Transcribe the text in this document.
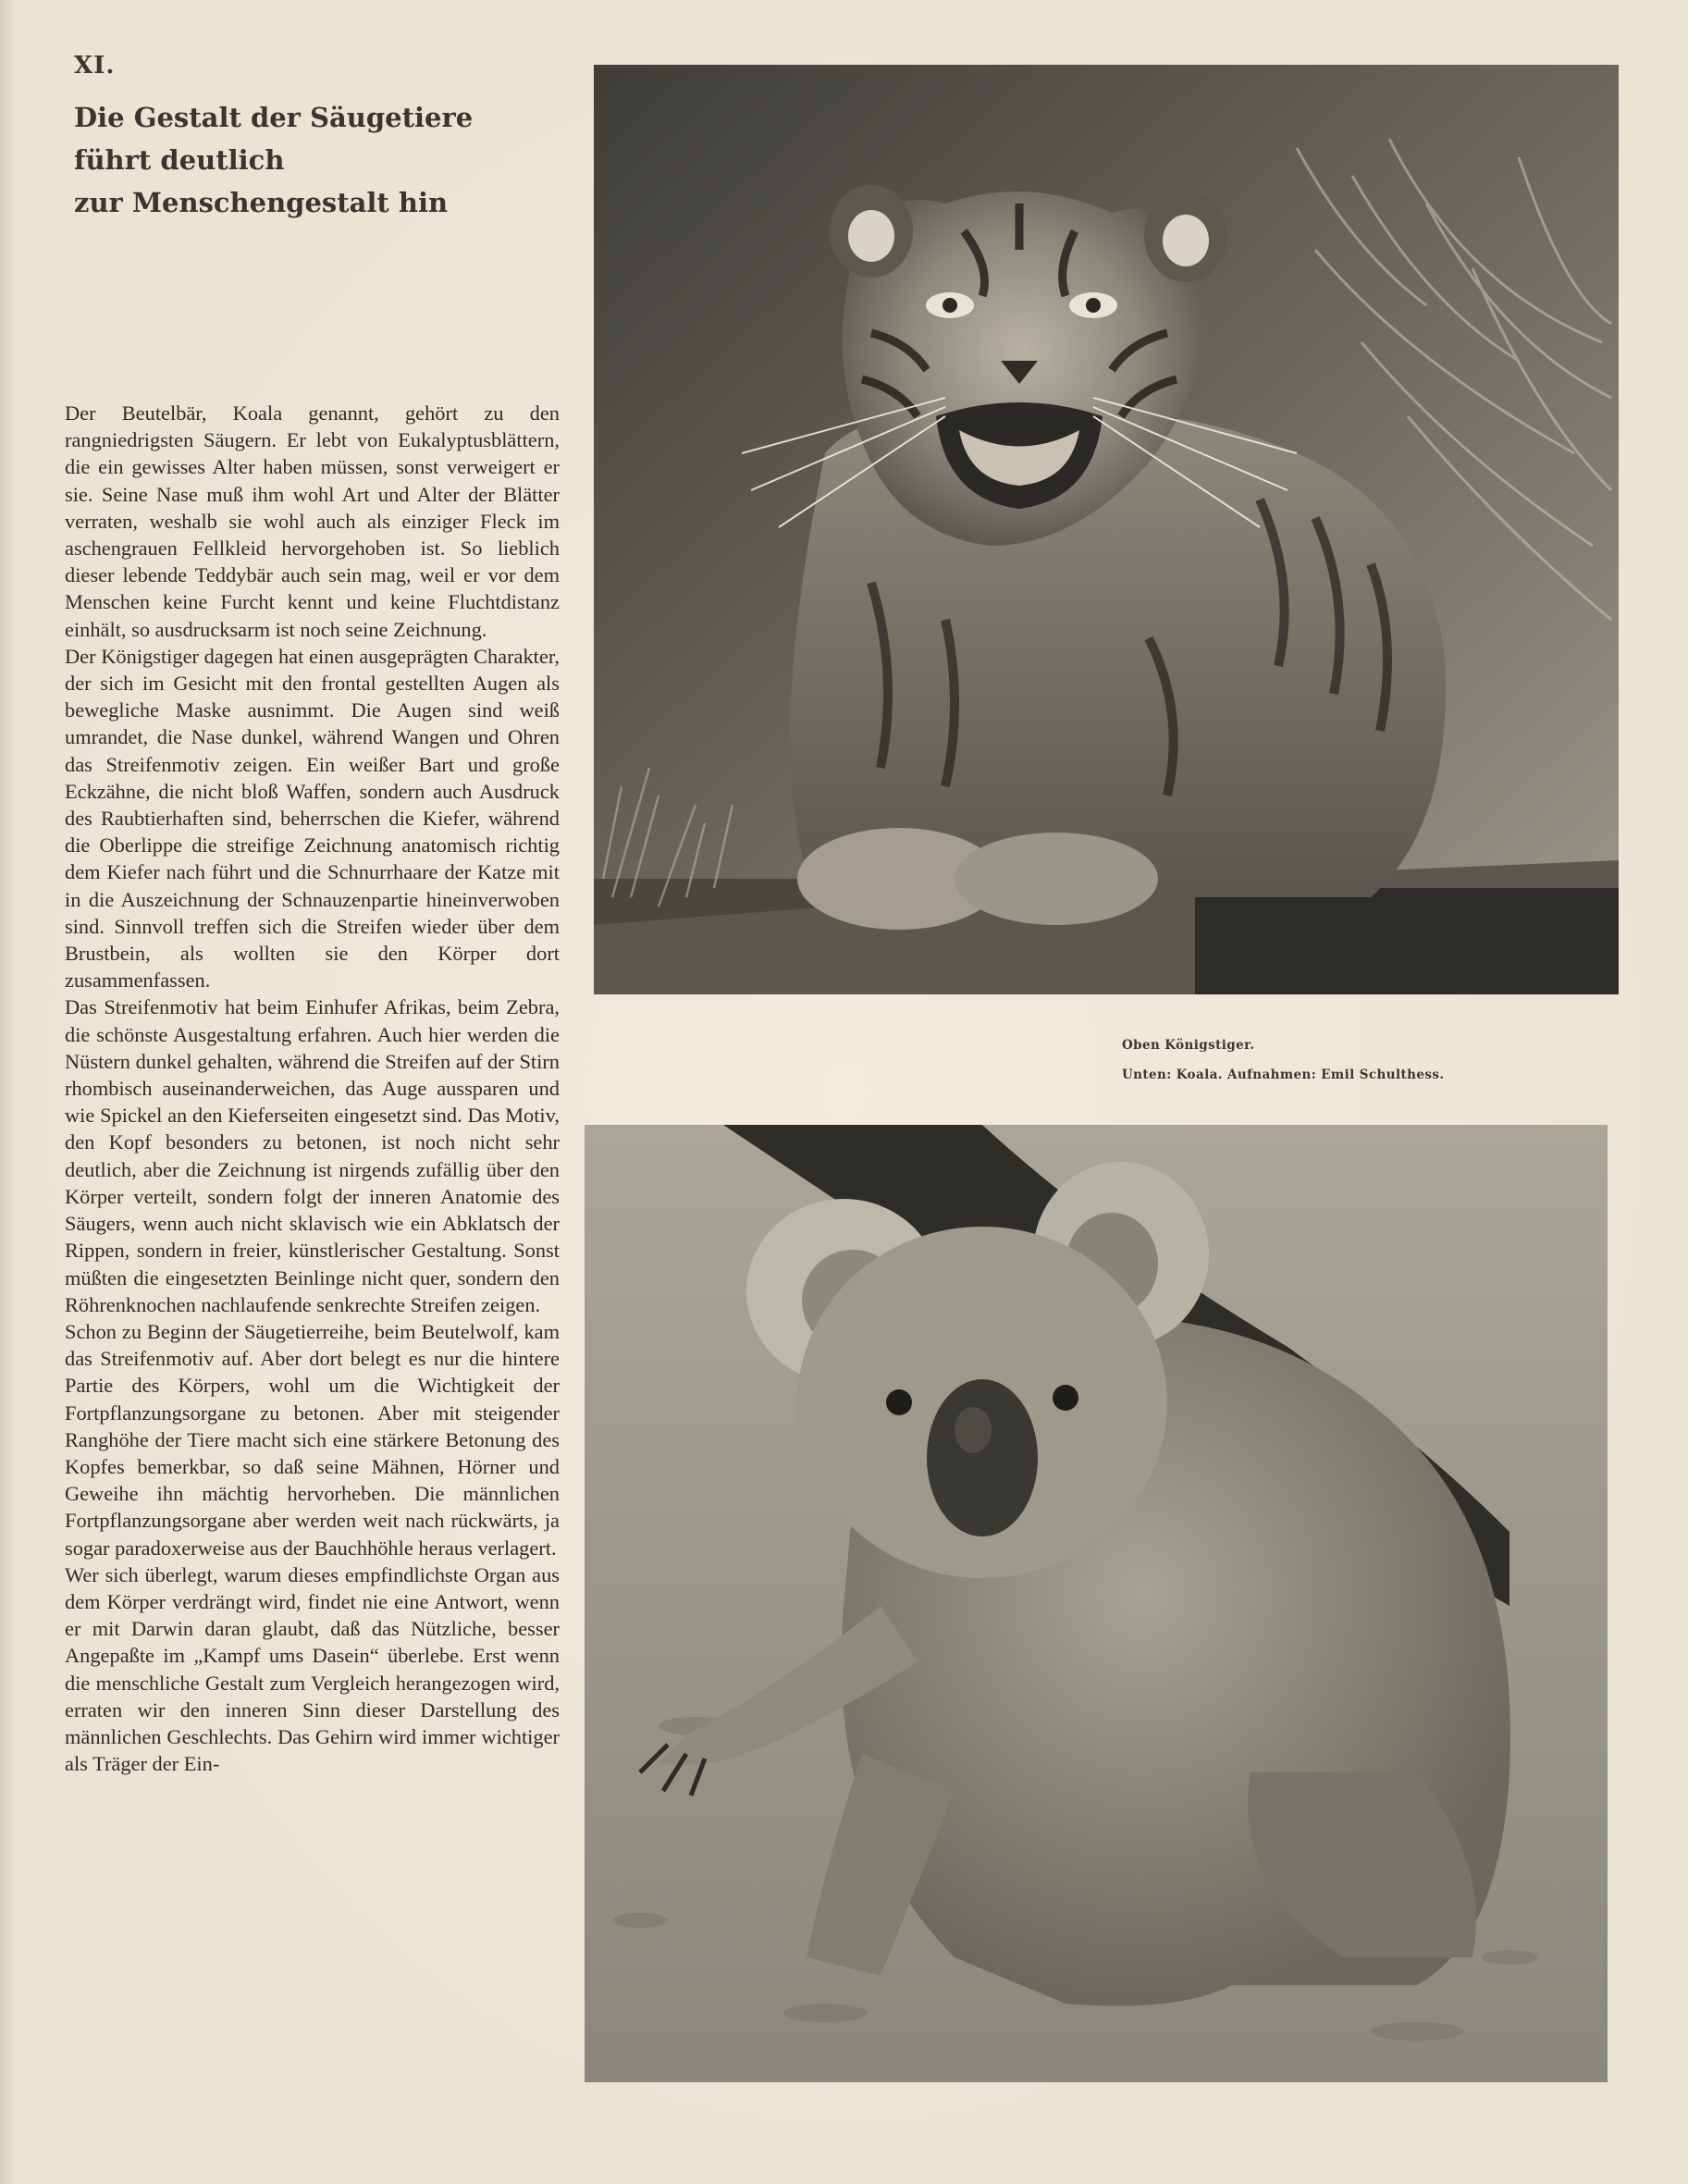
XI.
Die Gestalt der Säugetiere
führt deutlich
zur Menschengestalt hin

Der Beutelbär, Koala genannt, gehört zu den rangniedrigsten Säugern. Er lebt von Eukalyptusblättern, die ein gewisses Alter haben müssen, sonst verweigert er sie. Seine Nase muß ihm wohl Art und Alter der Blätter verraten, weshalb sie wohl auch als einziger Fleck im aschengrauen Fellkleid hervorgehoben ist. So lieblich dieser lebende Teddybär auch sein mag, weil er vor dem Menschen keine Furcht kennt und keine Fluchtdistanz einhält, so ausdrucksarm ist noch seine Zeichnung.

Der Königstiger dagegen hat einen ausgeprägten Charakter, der sich im Gesicht mit den frontal gestellten Augen als bewegliche Maske ausnimmt. Die Augen sind weiß umrandet, die Nase dunkel, während Wangen und Ohren das Streifenmotiv zeigen. Ein weißer Bart und große Eckzähne, die nicht bloß Waffen, sondern auch Ausdruck des Raubtierhaften sind, beherrschen die Kiefer, während die Oberlippe die streifige Zeichnung anatomisch richtig dem Kiefer nach führt und die Schnurrhaare der Katze mit in die Auszeichnung der Schnauzenpartie hineinverwoben sind. Sinnvoll treffen sich die Streifen wieder über dem Brustbein, als wollten sie den Körper dort zusammenfassen.

Das Streifenmotiv hat beim Einhufer Afrikas, beim Zebra, die schönste Ausgestaltung erfahren. Auch hier werden die Nüstern dunkel gehalten, während die Streifen auf der Stirn rhombisch auseinanderweichen, das Auge aussparen und wie Spickel an den Kieferseiten eingesetzt sind. Das Motiv, den Kopf besonders zu betonen, ist noch nicht sehr deutlich, aber die Zeichnung ist nirgends zufällig über den Körper verteilt, sondern folgt der inneren Anatomie des Säugers, wenn auch nicht sklavisch wie ein Abklatsch der Rippen, sondern in freier, künstlerischer Gestaltung. Sonst müßten die eingesetzten Beinlinge nicht quer, sondern den Röhrenknochen nachlaufende senkrechte Streifen zeigen.

Schon zu Beginn der Säugetierreihe, beim Beutelwolf, kam das Streifenmotiv auf. Aber dort belegt es nur die hintere Partie des Körpers, wohl um die Wichtigkeit der Fortpflanzungsorgane zu betonen. Aber mit steigender Ranghöhe der Tiere macht sich eine stärkere Betonung des Kopfes bemerkbar, so daß seine Mähnen, Hörner und Geweihe ihn mächtig hervorheben. Die männlichen Fortpflanzungsorgane aber werden weit nach rückwärts, ja sogar paradoxerweise aus der Bauchhöhle heraus verlagert.

Wer sich überlegt, warum dieses empfindlichste Organ aus dem Körper verdrängt wird, findet nie eine Antwort, wenn er mit Darwin daran glaubt, daß das Nützliche, besser Angepaßte im „Kampf ums Dasein“ überlebe. Erst wenn die menschliche Gestalt zum Vergleich herangezogen wird, erraten wir den inneren Sinn dieser Darstellung des männlichen Geschlechts. Das Gehirn wird immer wichtiger als Träger der Ein-

Oben Königstiger.
Unten: Koala. Aufnahmen: Emil Schulthess.
